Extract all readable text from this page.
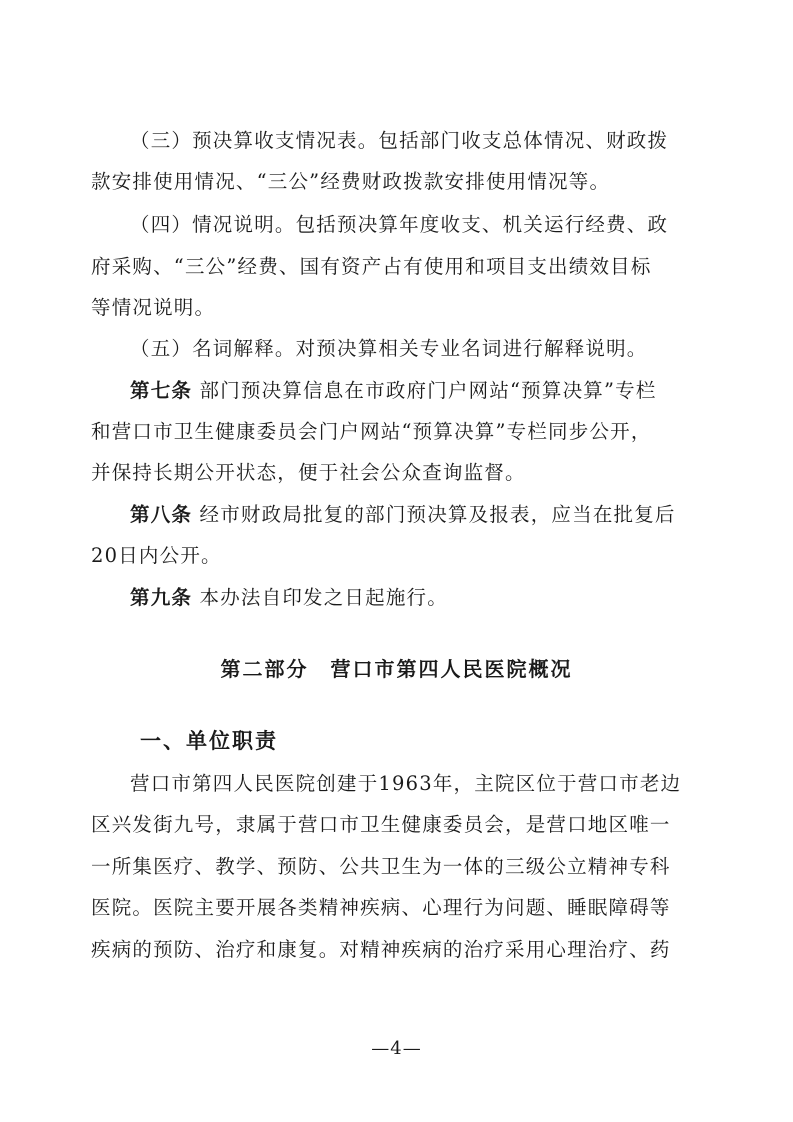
（三）预决算收支情况表。包括部门收支总体情况、财政拨
款安排使用情况、“三公”经费财政拨款安排使用情况等。
（四）情况说明。包括预决算年度收支、机关运行经费、政
府采购、“三公”经费、国有资产占有使用和项目支出绩效目标
等情况说明。
（五）名词解释。对预决算相关专业名词进行解释说明。
第七条 部门预决算信息在市政府门户网站“预算决算”专栏
和营口市卫生健康委员会门户网站“预算决算”专栏同步公开，
并保持长期公开状态，便于社会公众查询监督。
第八条 经市财政局批复的部门预决算及报表，应当在批复后
20日内公开。
第九条 本办法自印发之日起施行。
第二部分　营口市第四人民医院概况
一、单位职责
营口市第四人民医院创建于1963年，主院区位于营口市老边
区兴发街九号，隶属于营口市卫生健康委员会，是营口地区唯一
一所集医疗、教学、预防、公共卫生为一体的三级公立精神专科
医院。医院主要开展各类精神疾病、心理行为问题、睡眠障碍等
疾病的预防、治疗和康复。对精神疾病的治疗采用心理治疗、药
—4—
